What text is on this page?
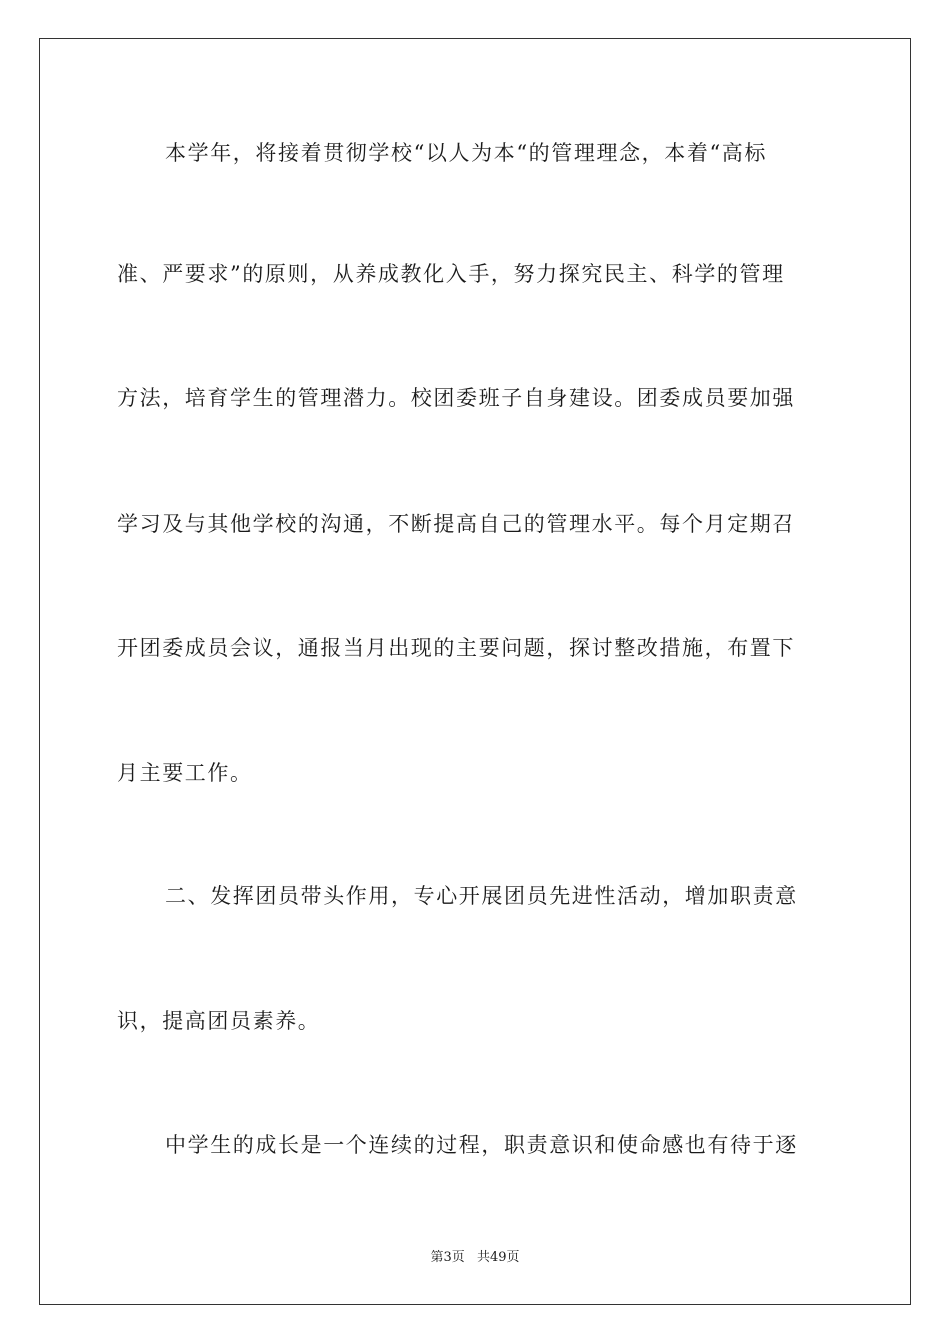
本学年，将接着贯彻学校“以人为本“的管理理念，本着“高标
准、严要求”的原则，从养成教化入手，努力探究民主、科学的管理
方法，培育学生的管理潜力。校团委班子自身建设。团委成员要加强
学习及与其他学校的沟通，不断提高自己的管理水平。每个月定期召
开团委成员会议，通报当月出现的主要问题，探讨整改措施，布置下
月主要工作。
二、发挥团员带头作用，专心开展团员先进性活动，增加职责意
识，提高团员素养。
中学生的成长是一个连续的过程，职责意识和使命感也有待于逐
第3页 共49页
